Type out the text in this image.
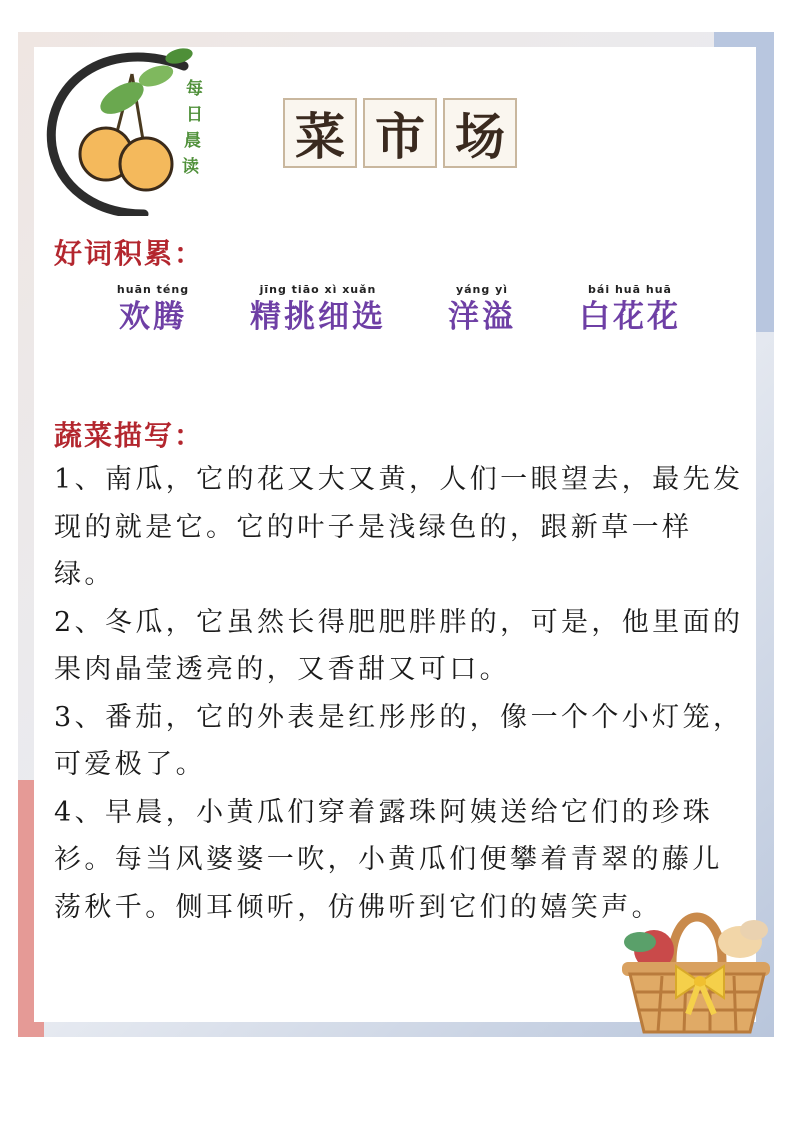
每
日
晨
读
菜 市 场
好词积累：
huān téng
欢腾
jīng tiāo xì xuǎn
精挑细选
yáng yì
洋溢
bái huā huā
白花花
蔬菜描写：

1、南瓜，它的花又大又黄，人们一眼望去，最先发现的就是它。它的叶子是浅绿色的，跟新草一样绿。

2、冬瓜，它虽然长得肥肥胖胖的，可是，他里面的果肉晶莹透亮的，又香甜又可口。

3、番茄，它的外表是红彤彤的，像一个个小灯笼，可爱极了。

4、早晨，小黄瓜们穿着露珠阿姨送给它们的珍珠衫。每当风婆婆一吹，小黄瓜们便攀着青翠的藤儿荡秋千。侧耳倾听，仿佛听到它们的嬉笑声。
